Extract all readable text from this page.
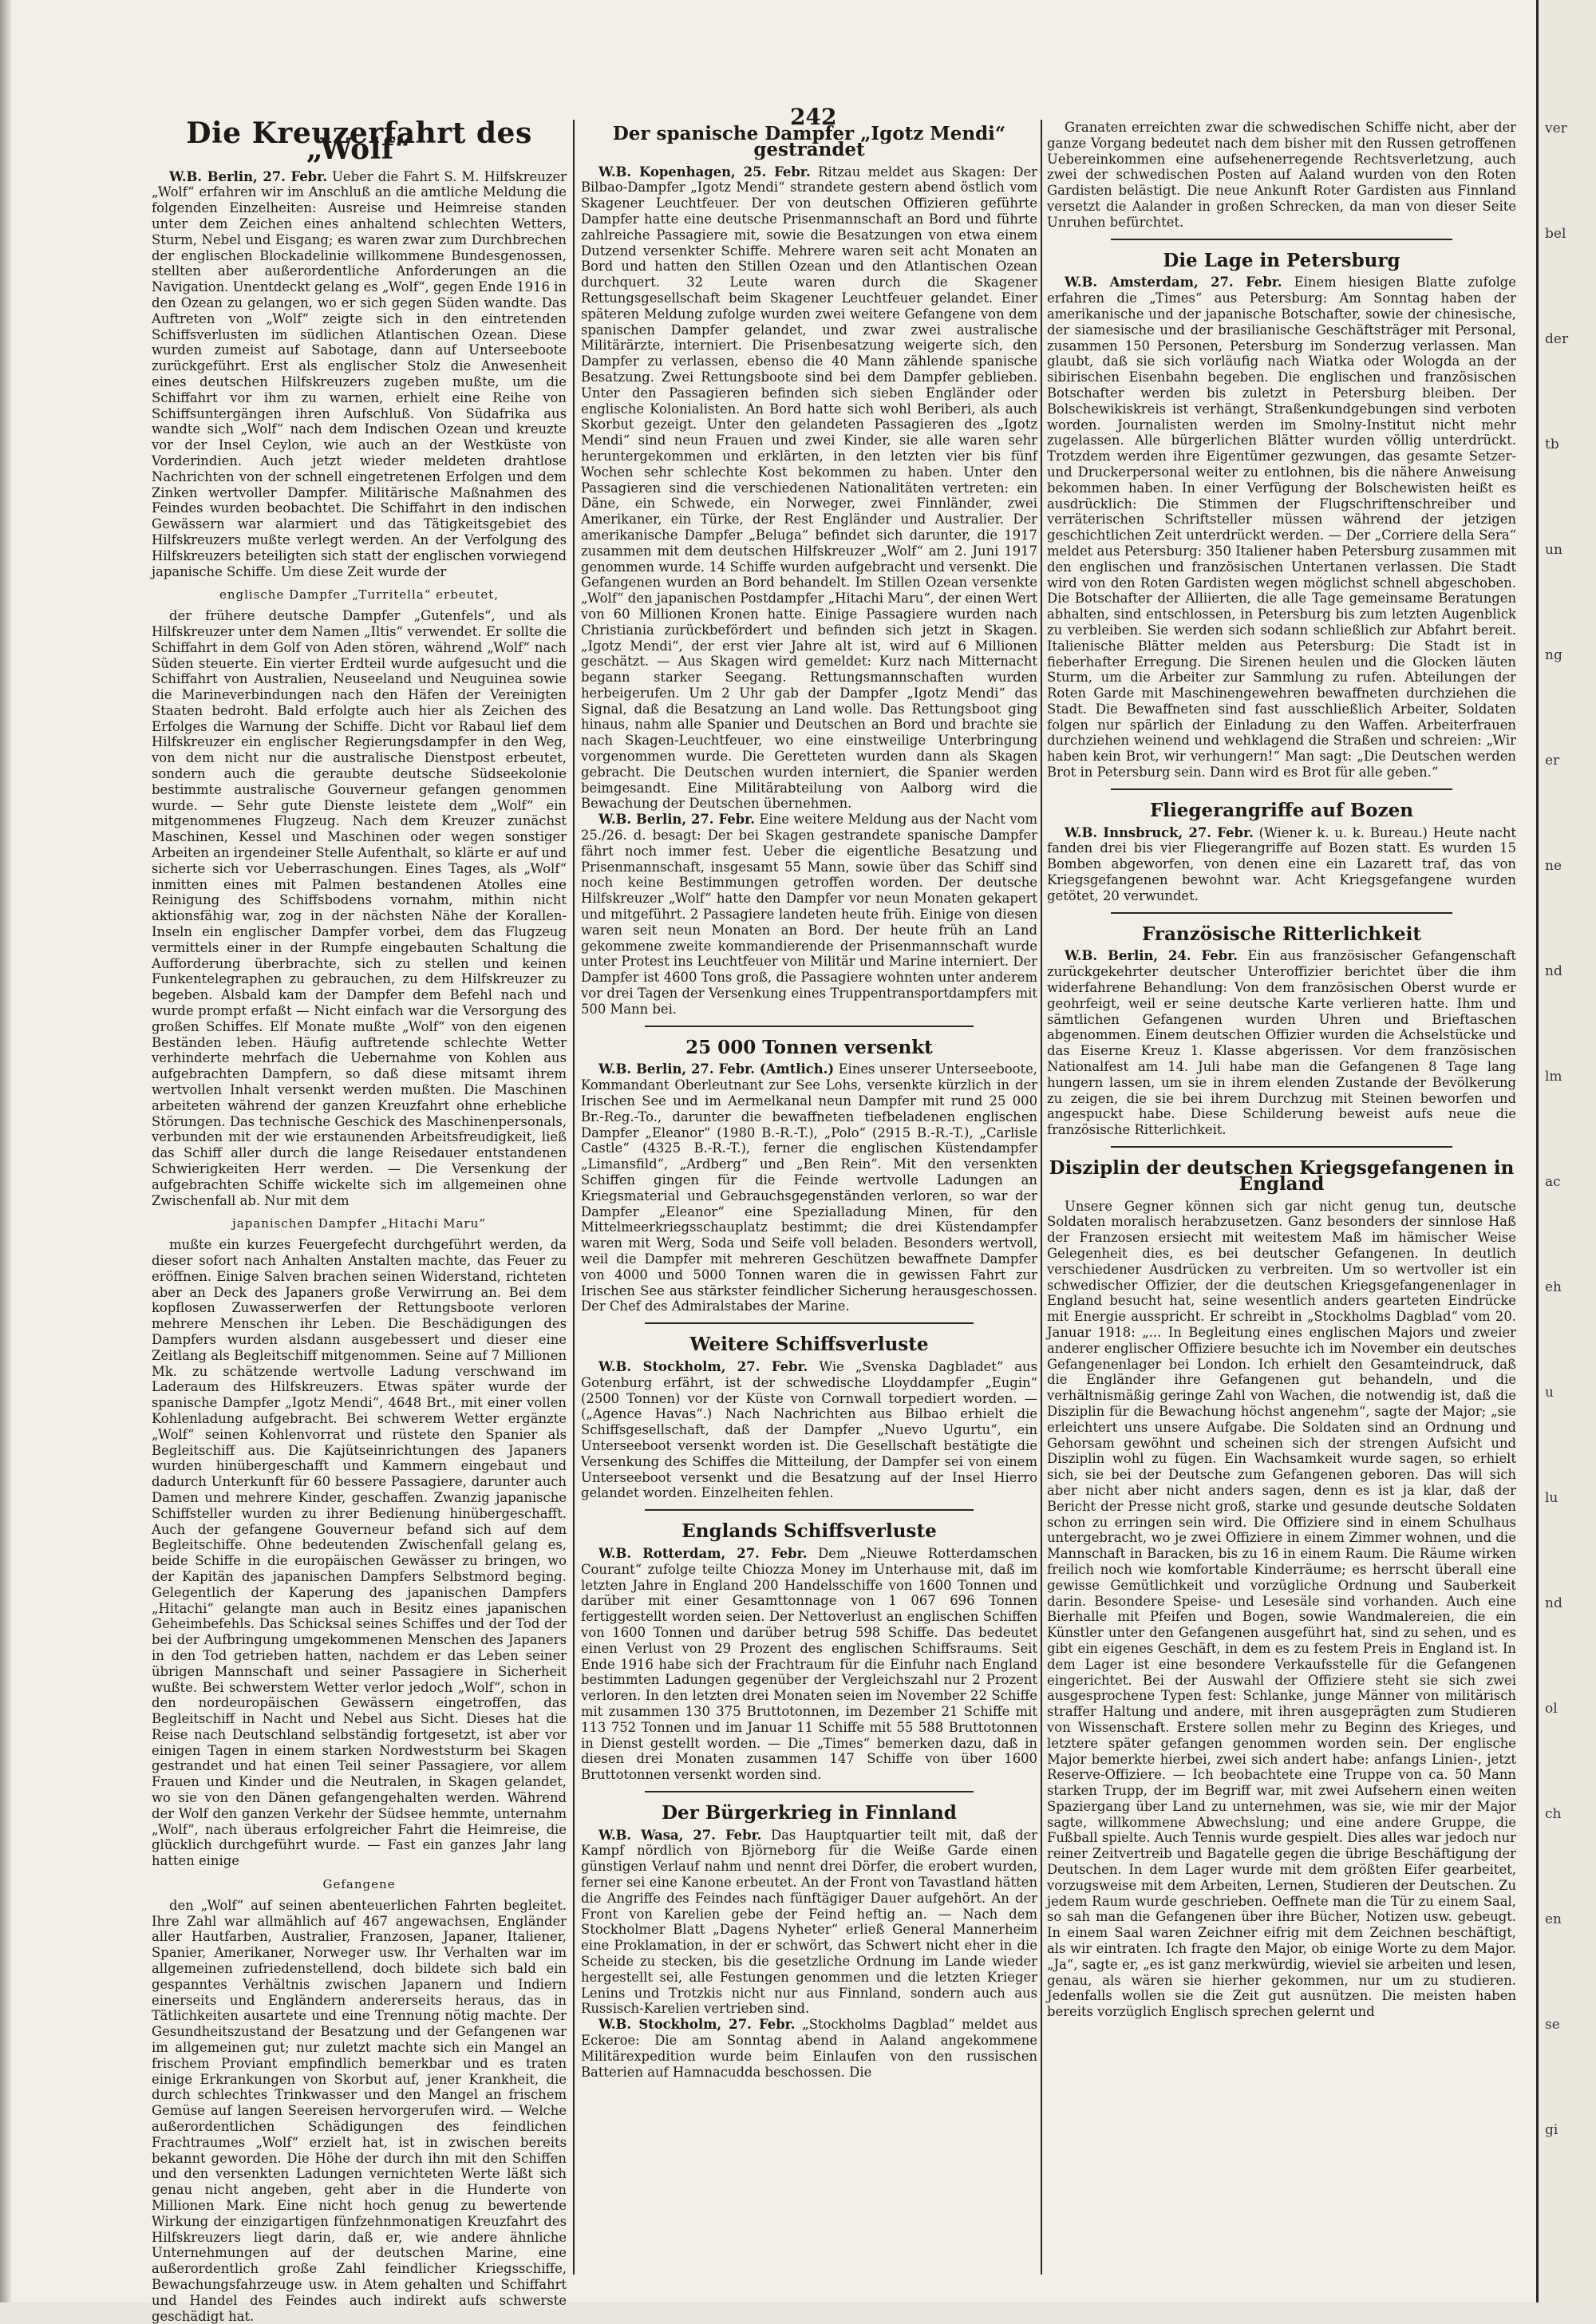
242
Die Kreuzerfahrt des „Wolf“

W.B. Berlin, 27. Febr. Ueber die Fahrt S. M. Hilfskreuzer „Wolf“ erfahren wir im Anschluß an die amtliche Meldung die folgenden Einzelheiten: Ausreise und Heimreise standen unter dem Zeichen eines anhaltend schlechten Wetters, Sturm, Nebel und Eisgang; es waren zwar zum Durchbrechen der englischen Blockadelinie willkommene Bundesgenossen, stellten aber außerordentliche Anforderungen an die Navigation. Unentdeckt gelang es „Wolf“, gegen Ende 1916 in den Ozean zu gelangen, wo er sich gegen Süden wandte. Das Auftreten von „Wolf“ zeigte sich in den eintretenden Schiffsverlusten im südlichen Atlantischen Ozean. Diese wurden zumeist auf Sabotage, dann auf Unterseeboote zurückgeführt. Erst als englischer Stolz die Anwesenheit eines deutschen Hilfskreuzers zugeben mußte, um die Schiffahrt vor ihm zu warnen, erhielt eine Reihe von Schiffsuntergängen ihren Aufschluß. Von Südafrika aus wandte sich „Wolf“ nach dem Indischen Ozean und kreuzte vor der Insel Ceylon, wie auch an der Westküste von Vorderindien. Auch jetzt wieder meldeten drahtlose Nachrichten von der schnell eingetretenen Erfolgen und dem Zinken wertvoller Dampfer. Militärische Maßnahmen des Feindes wurden beobachtet. Die Schiffahrt in den indischen Gewässern war alarmiert und das Tätigkeitsgebiet des Hilfskreuzers mußte verlegt werden. An der Verfolgung des Hilfskreuzers beteiligten sich statt der englischen vorwiegend japanische Schiffe. Um diese Zeit wurde der

englische Dampfer „Turritella“ erbeutet,

der frühere deutsche Dampfer „Gutenfels“, und als Hilfskreuzer unter dem Namen „Iltis“ verwendet. Er sollte die Schiffahrt in dem Golf von Aden stören, während „Wolf“ nach Süden steuerte. Ein vierter Erdteil wurde aufgesucht und die Schiffahrt von Australien, Neuseeland und Neuguinea sowie die Marineverbindungen nach den Häfen der Vereinigten Staaten bedroht. Bald erfolgte auch hier als Zeichen des Erfolges die Warnung der Schiffe. Dicht vor Rabaul lief dem Hilfskreuzer ein englischer Regierungsdampfer in den Weg, von dem nicht nur die australische Dienstpost erbeutet, sondern auch die geraubte deutsche Südseekolonie bestimmte australische Gouverneur gefangen genommen wurde. — Sehr gute Dienste leistete dem „Wolf“ ein mitgenommenes Flugzeug. Nach dem Kreuzer zunächst Maschinen, Kessel und Maschinen oder wegen sonstiger Arbeiten an irgendeiner Stelle Aufenthalt, so klärte er auf und sicherte sich vor Ueberraschungen. Eines Tages, als „Wolf“ inmitten eines mit Palmen bestandenen Atolles eine Reinigung des Schiffsbodens vornahm, mithin nicht aktionsfähig war, zog in der nächsten Nähe der Korallen-Inseln ein englischer Dampfer vorbei, dem das Flugzeug vermittels einer in der Rumpfe eingebauten Schaltung die Aufforderung überbrachte, sich zu stellen und keinen Funkentelegraphen zu gebrauchen, zu dem Hilfskreuzer zu begeben. Alsbald kam der Dampfer dem Befehl nach und wurde prompt erfaßt — Nicht einfach war die Versorgung des großen Schiffes. Elf Monate mußte „Wolf“ von den eigenen Beständen leben. Häufig auftretende schlechte Wetter verhinderte mehrfach die Uebernahme von Kohlen aus aufgebrachten Dampfern, so daß diese mitsamt ihrem wertvollen Inhalt versenkt werden mußten. Die Maschinen arbeiteten während der ganzen Kreuzfahrt ohne erhebliche Störungen. Das technische Geschick des Maschinenpersonals, verbunden mit der wie erstaunenden Arbeitsfreudigkeit, ließ das Schiff aller durch die lange Reisedauer entstandenen Schwierigkeiten Herr werden. — Die Versenkung der aufgebrachten Schiffe wickelte sich im allgemeinen ohne Zwischenfall ab. Nur mit dem

japanischen Dampfer „Hitachi Maru“

mußte ein kurzes Feuergefecht durchgeführt werden, da dieser sofort nach Anhalten Anstalten machte, das Feuer zu eröffnen. Einige Salven brachen seinen Widerstand, richteten aber an Deck des Japaners große Verwirrung an. Bei dem kopflosen Zuwasserwerfen der Rettungsboote verloren mehrere Menschen ihr Leben. Die Beschädigungen des Dampfers wurden alsdann ausgebessert und dieser eine Zeitlang als Begleitschiff mitgenommen. Seine auf 7 Millionen Mk. zu schätzende wertvolle Ladung verschwand im Laderaum des Hilfskreuzers. Etwas später wurde der spanische Dampfer „Igotz Mendi“, 4648 Brt., mit einer vollen Kohlenladung aufgebracht. Bei schwerem Wetter ergänzte „Wolf“ seinen Kohlenvorrat und rüstete den Spanier als Begleitschiff aus. Die Kajütseinrichtungen des Japaners wurden hinübergeschafft und Kammern eingebaut und dadurch Unterkunft für 60 bessere Passagiere, darunter auch Damen und mehrere Kinder, geschaffen. Zwanzig japanische Schiffsteller wurden zu ihrer Bedienung hinübergeschafft. Auch der gefangene Gouverneur befand sich auf dem Begleitschiffe. Ohne bedeutenden Zwischenfall gelang es, beide Schiffe in die europäischen Gewässer zu bringen, wo der Kapitän des japanischen Dampfers Selbstmord beging. Gelegentlich der Kaperung des japanischen Dampfers „Hitachi“ gelangte man auch in Besitz eines japanischen Geheimbefehls. Das Schicksal seines Schiffes und der Tod der bei der Aufbringung umgekommenen Menschen des Japaners in den Tod getrieben hatten, nachdem er das Leben seiner übrigen Mannschaft und seiner Passagiere in Sicherheit wußte. Bei schwerstem Wetter verlor jedoch „Wolf“, schon in den nordeuropäischen Gewässern eingetroffen, das Begleitschiff in Nacht und Nebel aus Sicht. Dieses hat die Reise nach Deutschland selbständig fortgesetzt, ist aber vor einigen Tagen in einem starken Nordweststurm bei Skagen gestrandet und hat einen Teil seiner Passagiere, vor allem Frauen und Kinder und die Neutralen, in Skagen gelandet, wo sie von den Dänen gefangengehalten werden. Während der Wolf den ganzen Verkehr der Südsee hemmte, unternahm „Wolf“, nach überaus erfolgreicher Fahrt die Heimreise, die glücklich durchgeführt wurde. — Fast ein ganzes Jahr lang hatten einige

Gefangene

den „Wolf“ auf seinen abenteuerlichen Fahrten begleitet. Ihre Zahl war allmählich auf 467 angewachsen, Engländer aller Hautfarben, Australier, Franzosen, Japaner, Italiener, Spanier, Amerikaner, Norweger usw. Ihr Verhalten war im allgemeinen zufriedenstellend, doch bildete sich bald ein gespanntes Verhältnis zwischen Japanern und Indiern einerseits und Engländern andererseits heraus, das in Tätlichkeiten ausartete und eine Trennung nötig machte. Der Gesundheitszustand der Besatzung und der Gefangenen war im allgemeinen gut; nur zuletzt machte sich ein Mangel an frischem Proviant empfindlich bemerkbar und es traten einige Erkrankungen von Skorbut auf, jener Krankheit, die durch schlechtes Trinkwasser und den Mangel an frischem Gemüse auf langen Seereisen hervorgerufen wird. — Welche außerordentlichen Schädigungen des feindlichen Frachtraumes „Wolf“ erzielt hat, ist in zwischen bereits bekannt geworden. Die Höhe der durch ihn mit den Schiffen und den versenkten Ladungen vernichteten Werte läßt sich genau nicht angeben, geht aber in die Hunderte von Millionen Mark. Eine nicht hoch genug zu bewertende Wirkung der einzigartigen fünfzehnmonatigen Kreuzfahrt des Hilfskreuzers liegt darin, daß er, wie andere ähnliche Unternehmungen auf der deutschen Marine, eine außerordentlich große Zahl feindlicher Kriegsschiffe, Bewachungsfahrzeuge usw. in Atem gehalten und Schiffahrt und Handel des Feindes auch indirekt aufs schwerste geschädigt hat.

Der spanische Dampfer „Igotz Mendi“ gestrandet

W.B. Kopenhagen, 25. Febr. Ritzau meldet aus Skagen: Der Bilbao-Dampfer „Igotz Mendi“ strandete gestern abend östlich vom Skagener Leuchtfeuer. Der von deutschen Offizieren geführte Dampfer hatte eine deutsche Prisenmannschaft an Bord und führte zahlreiche Passagiere mit, sowie die Besatzungen von etwa einem Dutzend versenkter Schiffe. Mehrere waren seit acht Monaten an Bord und hatten den Stillen Ozean und den Atlantischen Ozean durchquert. 32 Leute waren durch die Skagener Rettungsgesellschaft beim Skagener Leuchtfeuer gelandet. Einer späteren Meldung zufolge wurden zwei weitere Gefangene von dem spanischen Dampfer gelandet, und zwar zwei australische Militärärzte, interniert. Die Prisenbesatzung weigerte sich, den Dampfer zu verlassen, ebenso die 40 Mann zählende spanische Besatzung. Zwei Rettungsboote sind bei dem Dampfer geblieben. Unter den Passagieren befinden sich sieben Engländer oder englische Kolonialisten. An Bord hatte sich wohl Beriberi, als auch Skorbut gezeigt. Unter den gelandeten Passagieren des „Igotz Mendi“ sind neun Frauen und zwei Kinder, sie alle waren sehr heruntergekommen und erklärten, in den letzten vier bis fünf Wochen sehr schlechte Kost bekommen zu haben. Unter den Passagieren sind die verschiedenen Nationalitäten vertreten: ein Däne, ein Schwede, ein Norweger, zwei Finnländer, zwei Amerikaner, ein Türke, der Rest Engländer und Australier. Der amerikanische Dampfer „Beluga“ befindet sich darunter, die 1917 zusammen mit dem deutschen Hilfskreuzer „Wolf“ am 2. Juni 1917 genommen wurde. 14 Schiffe wurden aufgebracht und versenkt. Die Gefangenen wurden an Bord behandelt. Im Stillen Ozean versenkte „Wolf“ den japanischen Postdampfer „Hitachi Maru“, der einen Wert von 60 Millionen Kronen hatte. Einige Passagiere wurden nach Christiania zurückbefördert und befinden sich jetzt in Skagen. „Igotz Mendi“, der erst vier Jahre alt ist, wird auf 6 Millionen geschätzt. — Aus Skagen wird gemeldet: Kurz nach Mitternacht begann starker Seegang. Rettungsmannschaften wurden herbeigerufen. Um 2 Uhr gab der Dampfer „Igotz Mendi“ das Signal, daß die Besatzung an Land wolle. Das Rettungsboot ging hinaus, nahm alle Spanier und Deutschen an Bord und brachte sie nach Skagen-Leuchtfeuer, wo eine einstweilige Unterbringung vorgenommen wurde. Die Geretteten wurden dann als Skagen gebracht. Die Deutschen wurden interniert, die Spanier werden beimgesandt. Eine Militärabteilung von Aalborg wird die Bewachung der Deutschen übernehmen.

W.B. Berlin, 27. Febr. Eine weitere Meldung aus der Nacht vom 25./26. d. besagt: Der bei Skagen gestrandete spanische Dampfer fährt noch immer fest. Ueber die eigentliche Besatzung und Prisenmannschaft, insgesamt 55 Mann, sowie über das Schiff sind noch keine Bestimmungen getroffen worden. Der deutsche Hilfskreuzer „Wolf“ hatte den Dampfer vor neun Monaten gekapert und mitgeführt. 2 Passagiere landeten heute früh. Einige von diesen waren seit neun Monaten an Bord. Der heute früh an Land gekommene zweite kommandierende der Prisenmannschaft wurde unter Protest ins Leuchtfeuer von Militär und Marine interniert. Der Dampfer ist 4600 Tons groß, die Passagiere wohnten unter anderem vor drei Tagen der Versenkung eines Truppentransportdampfers mit 500 Mann bei.

25 000 Tonnen versenkt

W.B. Berlin, 27. Febr. (Amtlich.) Eines unserer Unterseeboote, Kommandant Oberleutnant zur See Lohs, versenkte kürzlich in der Irischen See und im Aermelkanal neun Dampfer mit rund 25 000 Br.-Reg.-To., darunter die bewaffneten tiefbeladenen englischen Dampfer „Eleanor“ (1980 B.-R.-T.), „Polo“ (2915 B.-R.-T.), „Carlisle Castle“ (4325 B.-R.-T.), ferner die englischen Küstendampfer „Limansfild“, „Ardberg“ und „Ben Rein“. Mit den versenkten Schiffen gingen für die Feinde wertvolle Ladungen an Kriegsmaterial und Gebrauchsgegenständen verloren, so war der Dampfer „Eleanor“ eine Spezialladung Minen, für den Mittelmeerkriegsschauplatz bestimmt; die drei Küstendampfer waren mit Werg, Soda und Seife voll beladen. Besonders wertvoll, weil die Dampfer mit mehreren Geschützen bewaffnete Dampfer von 4000 und 5000 Tonnen waren die in gewissen Fahrt zur Irischen See aus stärkster feindlicher Sicherung herausgeschossen. Der Chef des Admiralstabes der Marine.

Weitere Schiffsverluste

W.B. Stockholm, 27. Febr. Wie „Svenska Dagbladet“ aus Gotenburg erfährt, ist der schwedische Lloyddampfer „Eugin“ (2500 Tonnen) vor der Küste von Cornwall torpediert worden. — („Agence Havas“.) Nach Nachrichten aus Bilbao erhielt die Schiffsgesellschaft, daß der Dampfer „Nuevo Ugurtu“, ein Unterseeboot versenkt worden ist. Die Gesellschaft bestätigte die Versenkung des Schiffes die Mitteilung, der Dampfer sei von einem Unterseeboot versenkt und die Besatzung auf der Insel Hierro gelandet worden. Einzelheiten fehlen.

Englands Schiffsverluste

W.B. Rotterdam, 27. Febr. Dem „Nieuwe Rotterdamschen Courant“ zufolge teilte Chiozza Money im Unterhause mit, daß im letzten Jahre in England 200 Handelsschiffe von 1600 Tonnen und darüber mit einer Gesamttonnage von 1 067 696 Tonnen fertiggestellt worden seien. Der Nettoverlust an englischen Schiffen von 1600 Tonnen und darüber betrug 598 Schiffe. Das bedeutet einen Verlust von 29 Prozent des englischen Schiffsraums. Seit Ende 1916 habe sich der Frachtraum für die Einfuhr nach England bestimmten Ladungen gegenüber der Vergleichszahl nur 2 Prozent verloren. In den letzten drei Monaten seien im November 22 Schiffe mit zusammen 130 375 Bruttotonnen, im Dezember 21 Schiffe mit 113 752 Tonnen und im Januar 11 Schiffe mit 55 588 Bruttotonnen in Dienst gestellt worden. — Die „Times“ bemerken dazu, daß in diesen drei Monaten zusammen 147 Schiffe von über 1600 Bruttotonnen versenkt worden sind.

Der Bürgerkrieg in Finnland

W.B. Wasa, 27. Febr. Das Hauptquartier teilt mit, daß der Kampf nördlich von Björneborg für die Weiße Garde einen günstigen Verlauf nahm und nennt drei Dörfer, die erobert wurden, ferner sei eine Kanone erbeutet. An der Front von Tavastland hätten die Angriffe des Feindes nach fünftägiger Dauer aufgehört. An der Front von Karelien gebe der Feind heftig an. — Nach dem Stockholmer Blatt „Dagens Nyheter“ erließ General Mannerheim eine Proklamation, in der er schwört, das Schwert nicht eher in die Scheide zu stecken, bis die gesetzliche Ordnung im Lande wieder hergestellt sei, alle Festungen genommen und die letzten Krieger Lenins und Trotzkis nicht nur aus Finnland, sondern auch aus Russisch-Karelien vertrieben sind.

W.B. Stockholm, 27. Febr. „Stockholms Dagblad“ meldet aus Eckeroe: Die am Sonntag abend in Aaland angekommene Militärexpedition wurde beim Einlaufen von den russischen Batterien auf Hamnacudda beschossen. Die

Granaten erreichten zwar die schwedischen Schiffe nicht, aber der ganze Vorgang bedeutet nach dem bisher mit den Russen getroffenen Uebereinkommen eine aufsehenerregende Rechtsverletzung, auch zwei der schwedischen Posten auf Aaland wurden von den Roten Gardisten belästigt. Die neue Ankunft Roter Gardisten aus Finnland versetzt die Aalander in großen Schrecken, da man von dieser Seite Unruhen befürchtet.

Die Lage in Petersburg

W.B. Amsterdam, 27. Febr. Einem hiesigen Blatte zufolge erfahren die „Times“ aus Petersburg: Am Sonntag haben der amerikanische und der japanische Botschafter, sowie der chinesische, der siamesische und der brasilianische Geschäftsträger mit Personal, zusammen 150 Personen, Petersburg im Sonderzug verlassen. Man glaubt, daß sie sich vorläufig nach Wiatka oder Wologda an der sibirischen Eisenbahn begeben. Die englischen und französischen Botschafter werden bis zuletzt in Petersburg bleiben. Der Bolschewikiskreis ist verhängt, Straßenkundgebungen sind verboten worden. Journalisten werden im Smolny-Institut nicht mehr zugelassen. Alle bürgerlichen Blätter wurden völlig unterdrückt. Trotzdem werden ihre Eigentümer gezwungen, das gesamte Setzer- und Druckerpersonal weiter zu entlohnen, bis die nähere Anweisung bekommen haben. In einer Verfügung der Bolschewisten heißt es ausdrücklich: Die Stimmen der Flugschriftenschreiber und verräterischen Schriftsteller müssen während der jetzigen geschichtlichen Zeit unterdrückt werden. — Der „Corriere della Sera“ meldet aus Petersburg: 350 Italiener haben Petersburg zusammen mit den englischen und französischen Untertanen verlassen. Die Stadt wird von den Roten Gardisten wegen möglichst schnell abgeschoben. Die Botschafter der Alliierten, die alle Tage gemeinsame Beratungen abhalten, sind entschlossen, in Petersburg bis zum letzten Augenblick zu verbleiben. Sie werden sich sodann schließlich zur Abfahrt bereit. Italienische Blätter melden aus Petersburg: Die Stadt ist in fieberhafter Erregung. Die Sirenen heulen und die Glocken läuten Sturm, um die Arbeiter zur Sammlung zu rufen. Abteilungen der Roten Garde mit Maschinengewehren bewaffneten durchziehen die Stadt. Die Bewaffneten sind fast ausschließlich Arbeiter, Soldaten folgen nur spärlich der Einladung zu den Waffen. Arbeiterfrauen durchziehen weinend und wehklagend die Straßen und schreien: „Wir haben kein Brot, wir verhungern!“ Man sagt: „Die Deutschen werden Brot in Petersburg sein. Dann wird es Brot für alle geben.“

Fliegerangriffe auf Bozen

W.B. Innsbruck, 27. Febr. (Wiener k. u. k. Bureau.) Heute nacht fanden drei bis vier Fliegerangriffe auf Bozen statt. Es wurden 15 Bomben abgeworfen, von denen eine ein Lazarett traf, das von Kriegsgefangenen bewohnt war. Acht Kriegsgefangene wurden getötet, 20 verwundet.

Französische Ritterlichkeit

W.B. Berlin, 24. Febr. Ein aus französischer Gefangenschaft zurückgekehrter deutscher Unteroffizier berichtet über die ihm widerfahrene Behandlung: Von dem französischen Oberst wurde er geohrfeigt, weil er seine deutsche Karte verlieren hatte. Ihm und sämtlichen Gefangenen wurden Uhren und Brieftaschen abgenommen. Einem deutschen Offizier wurden die Achselstücke und das Eiserne Kreuz 1. Klasse abgerissen. Vor dem französischen Nationalfest am 14. Juli habe man die Gefangenen 8 Tage lang hungern lassen, um sie in ihrem elenden Zustande der Bevölkerung zu zeigen, die sie bei ihrem Durchzug mit Steinen beworfen und angespuckt habe. Diese Schilderung beweist aufs neue die französische Ritterlichkeit.

Disziplin der deutschen Kriegsgefangenen in England

Unsere Gegner können sich gar nicht genug tun, deutsche Soldaten moralisch herabzusetzen. Ganz besonders der sinnlose Haß der Franzosen ersiecht mit weitestem Maß im hämischer Weise Gelegenheit dies, es bei deutscher Gefangenen. In deutlich verschiedener Ausdrücken zu verbreiten. Um so wertvoller ist ein schwedischer Offizier, der die deutschen Kriegsgefangenenlager in England besucht hat, seine wesentlich anders gearteten Eindrücke mit Energie ausspricht. Er schreibt in „Stockholms Dagblad“ vom 20. Januar 1918: „... In Begleitung eines englischen Majors und zweier anderer englischer Offiziere besuchte ich im November ein deutsches Gefangenenlager bei London. Ich erhielt den Gesamteindruck, daß die Engländer ihre Gefangenen gut behandeln, und die verhältnismäßig geringe Zahl von Wachen, die notwendig ist, daß die Disziplin für die Bewachung höchst angenehm“, sagte der Major; „sie erleichtert uns unsere Aufgabe. Die Soldaten sind an Ordnung und Gehorsam gewöhnt und scheinen sich der strengen Aufsicht und Disziplin wohl zu fügen. Ein Wachsamkeit wurde sagen, so erhielt sich, sie bei der Deutsche zum Gefangenen geboren. Das will sich aber nicht aber nicht anders sagen, denn es ist ja klar, daß der Bericht der Presse nicht groß, starke und gesunde deutsche Soldaten schon zu erringen sein wird. Die Offiziere sind in einem Schulhaus untergebracht, wo je zwei Offiziere in einem Zimmer wohnen, und die Mannschaft in Baracken, bis zu 16 in einem Raum. Die Räume wirken freilich noch wie komfortable Kinderräume; es herrscht überall eine gewisse Gemütlichkeit und vorzügliche Ordnung und Sauberkeit darin. Besondere Speise- und Lesesäle sind vorhanden. Auch eine Bierhalle mit Pfeifen und Bogen, sowie Wandmalereien, die ein Künstler unter den Gefangenen ausgeführt hat, sind zu sehen, und es gibt ein eigenes Geschäft, in dem es zu festem Preis in England ist. In dem Lager ist eine besondere Verkaufsstelle für die Gefangenen eingerichtet. Bei der Auswahl der Offiziere steht sie sich zwei ausgesprochene Typen fest: Schlanke, junge Männer von militärisch straffer Haltung und andere, mit ihren ausgeprägten zum Studieren von Wissenschaft. Erstere sollen mehr zu Beginn des Krieges, und letztere später gefangen genommen worden sein. Der englische Major bemerkte hierbei, zwei sich andert habe: anfangs Linien-, jetzt Reserve-Offiziere. — Ich beobachtete eine Truppe von ca. 50 Mann starken Trupp, der im Begriff war, mit zwei Aufsehern einen weiten Spaziergang über Land zu unternehmen, was sie, wie mir der Major sagte, willkommene Abwechslung; und eine andere Gruppe, die Fußball spielte. Auch Tennis wurde gespielt. Dies alles war jedoch nur reiner Zeitvertreib und Bagatelle gegen die übrige Beschäftigung der Deutschen. In dem Lager wurde mit dem größten Eifer gearbeitet, vorzugsweise mit dem Arbeiten, Lernen, Studieren der Deutschen. Zu jedem Raum wurde geschrieben. Oeffnete man die Tür zu einem Saal, so sah man die Gefangenen über ihre Bücher, Notizen usw. gebeugt. In einem Saal waren Zeichner eifrig mit dem Zeichnen beschäftigt, als wir eintraten. Ich fragte den Major, ob einige Worte zu dem Major. „Ja“, sagte er, „es ist ganz merkwürdig, wieviel sie arbeiten und lesen, genau, als wären sie hierher gekommen, nur um zu studieren. Jedenfalls wollen sie die Zeit gut ausnützen. Die meisten haben bereits vorzüglich Englisch sprechen gelernt und

ver
bel
der
tb
un
ng
er
ne
nd
lm
ac
eh
u
lu
nd
ol
ch
en
se
gi
